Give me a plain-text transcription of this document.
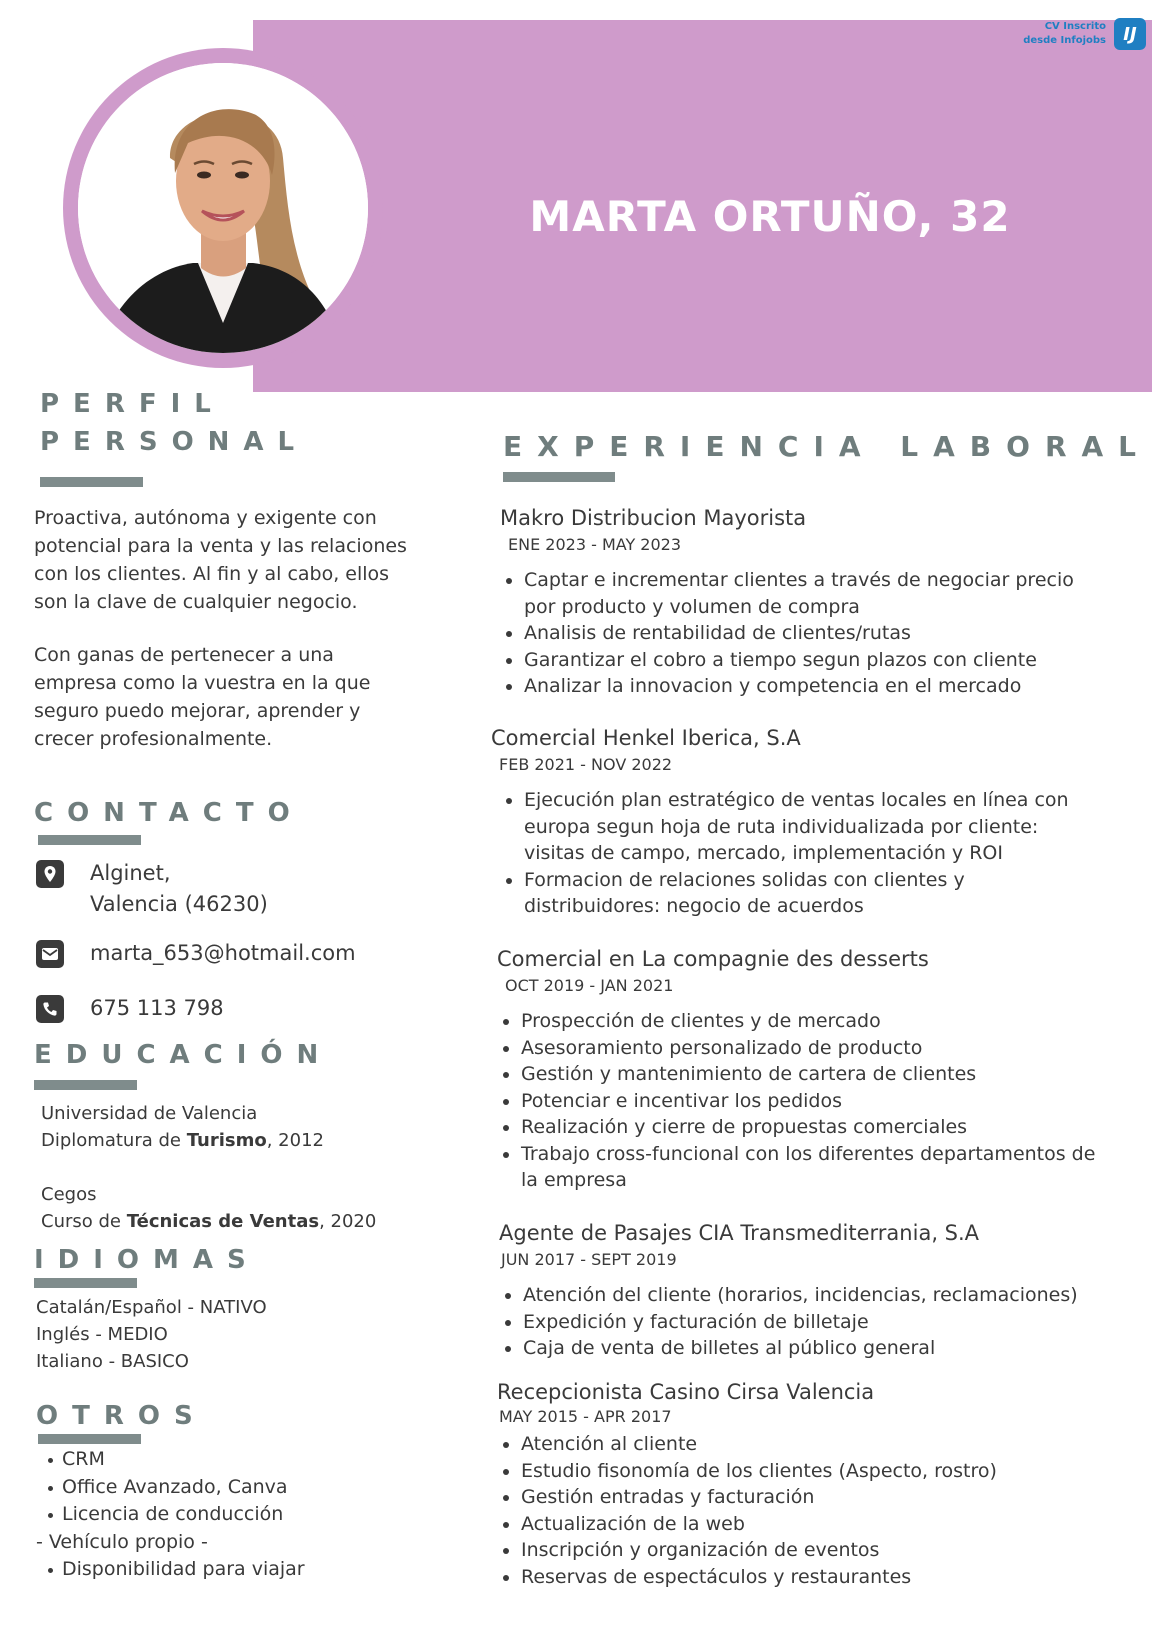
CV Inscrito
desde Infojobs IJ
MARTA ORTUÑO, 32
PERFIL
PERSONAL
Proactiva, autónoma y exigente con
potencial para la venta y las relaciones
con los clientes. Al fin y al cabo, ellos
son la clave de cualquier negocio.
Con ganas de pertenecer a una
empresa como la vuestra en la que
seguro puedo mejorar, aprender y
crecer profesionalmente.
CONTACTO
Alginet,
Valencia (46230)
marta_653@hotmail.com
675 113 798
EDUCACIÓN
Universidad de Valencia
Diplomatura de Turismo, 2012
Cegos
Curso de Técnicas de Ventas, 2020
IDIOMAS
Catalán/Español - NATIVO
Inglés - MEDIO
Italiano - BASICO
OTROS
CRM
Office Avanzado, Canva
Licencia de conducción
- Vehículo propio -
Disponibilidad para viajar
EXPERIENCIA LABORAL
Makro Distribucion Mayorista
ENE 2023 - MAY 2023
Captar e incrementar clientes a través de negociar precio por producto y volumen de compra
Analisis de rentabilidad de clientes/rutas
Garantizar el cobro a tiempo segun plazos con cliente
Analizar la innovacion y competencia en el mercado
Comercial Henkel Iberica, S.A
FEB 2021 - NOV 2022
Ejecución plan estratégico de ventas locales en línea con europa segun hoja de ruta individualizada por cliente: visitas de campo, mercado, implementación y ROI
Formacion de relaciones solidas con clientes y distribuidores: negocio de acuerdos
Comercial en La compagnie des desserts
OCT 2019 - JAN 2021
Prospección de clientes y de mercado
Asesoramiento personalizado de producto
Gestión y mantenimiento de cartera de clientes
Potenciar e incentivar los pedidos
Realización y cierre de propuestas comerciales
Trabajo cross-funcional con los diferentes departamentos de la empresa
Agente de Pasajes CIA Transmediterrania, S.A
JUN 2017 - SEPT 2019
Atención del cliente (horarios, incidencias, reclamaciones)
Expedición y facturación de billetaje
Caja de venta de billetes al público general
Recepcionista Casino Cirsa Valencia
MAY 2015 - APR 2017
Atención al cliente
Estudio fisonomía de los clientes (Aspecto, rostro)
Gestión entradas y facturación
Actualización de la web
Inscripción y organización de eventos
Reservas de espectáculos y restaurantes
